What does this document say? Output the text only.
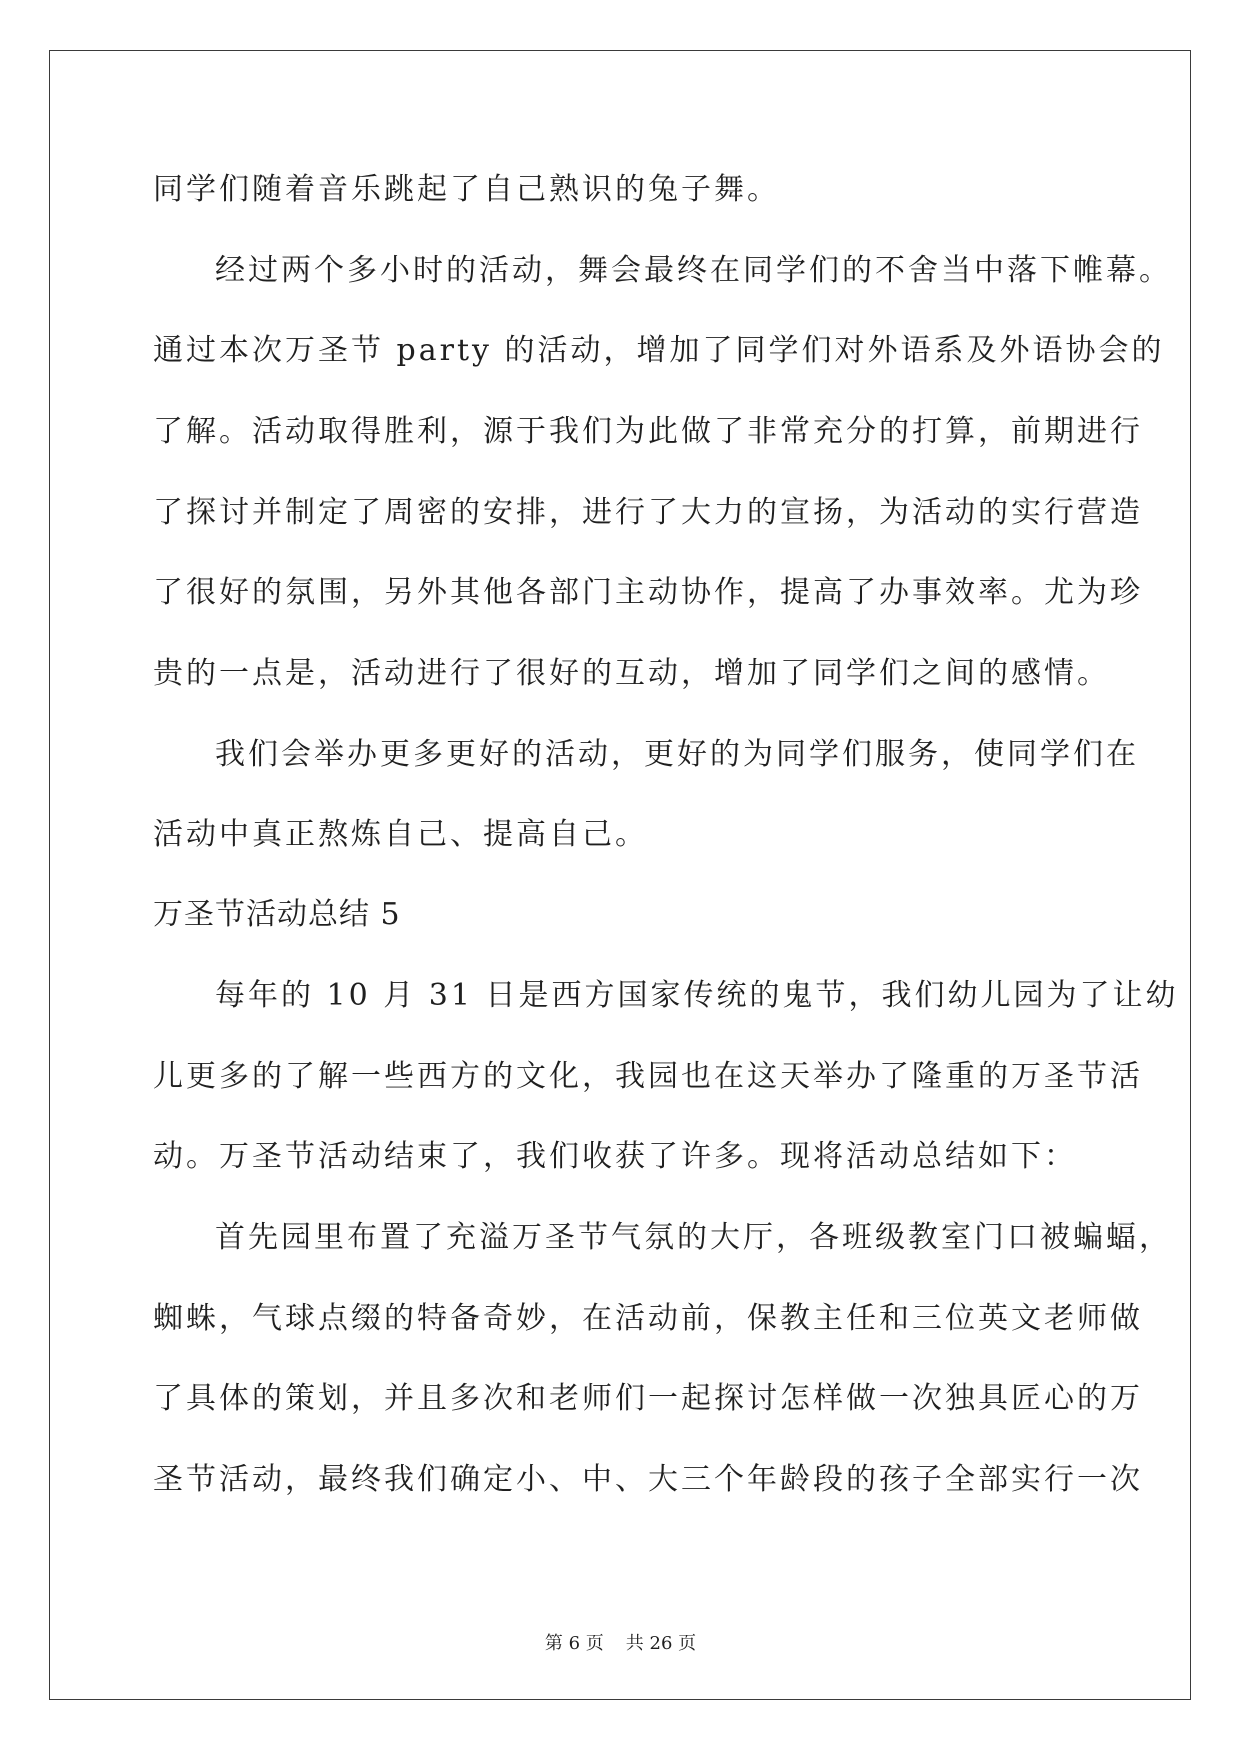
同学们随着音乐跳起了自己熟识的兔子舞。
经过两个多小时的活动，舞会最终在同学们的不舍当中落下帷幕。
通过本次万圣节 party 的活动，增加了同学们对外语系及外语协会的
了解。活动取得胜利，源于我们为此做了非常充分的打算，前期进行
了探讨并制定了周密的安排，进行了大力的宣扬，为活动的实行营造
了很好的氛围，另外其他各部门主动协作，提高了办事效率。尤为珍
贵的一点是，活动进行了很好的互动，增加了同学们之间的感情。
我们会举办更多更好的活动，更好的为同学们服务，使同学们在
活动中真正熬炼自己、提高自己。
万圣节活动总结 5
每年的 10 月 31 日是西方国家传统的鬼节，我们幼儿园为了让幼
儿更多的了解一些西方的文化，我园也在这天举办了隆重的万圣节活
动。万圣节活动结束了，我们收获了许多。现将活动总结如下：
首先园里布置了充溢万圣节气氛的大厅，各班级教室门口被蝙蝠，
蜘蛛，气球点缀的特备奇妙，在活动前，保教主任和三位英文老师做
了具体的策划，并且多次和老师们一起探讨怎样做一次独具匠心的万
圣节活动，最终我们确定小、中、大三个年龄段的孩子全部实行一次
第 6 页 共 26 页
